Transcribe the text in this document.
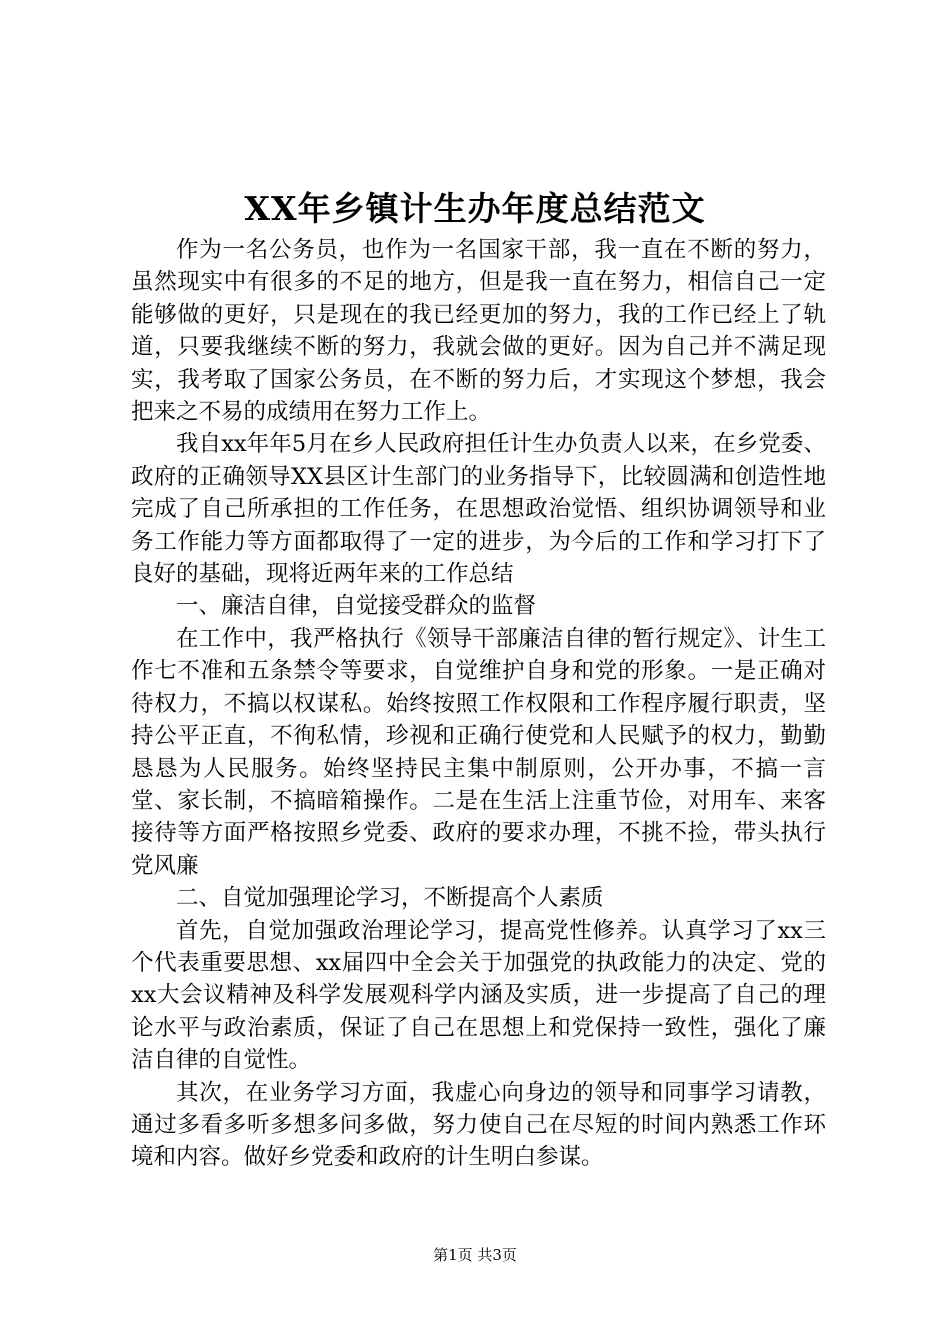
XX年乡镇计生办年度总结范文

作为一名公务员，也作为一名国家干部，我一直在不断的努力，虽然现实中有很多的不足的地方，但是我一直在努力，相信自己一定能够做的更好，只是现在的我已经更加的努力，我的工作已经上了轨道，只要我继续不断的努力，我就会做的更好。因为自己并不满足现实，我考取了国家公务员，在不断的努力后，才实现这个梦想，我会把来之不易的成绩用在努力工作上。

我自xx年年5月在乡人民政府担任计生办负责人以来，在乡党委、政府的正确领导XX县区计生部门的业务指导下，比较圆满和创造性地完成了自己所承担的工作任务，在思想政治觉悟、组织协调领导和业务工作能力等方面都取得了一定的进步，为今后的工作和学习打下了良好的基础，现将近两年来的工作总结

一、廉洁自律，自觉接受群众的监督

在工作中，我严格执行《领导干部廉洁自律的暂行规定》、计生工作七不准和五条禁令等要求，自觉维护自身和党的形象。一是正确对待权力，不搞以权谋私。始终按照工作权限和工作程序履行职责，坚持公平正直，不徇私情，珍视和正确行使党和人民赋予的权力，勤勤恳恳为人民服务。始终坚持民主集中制原则，公开办事，不搞一言堂、家长制，不搞暗箱操作。二是在生活上注重节俭，对用车、来客接待等方面严格按照乡党委、政府的要求办理，不挑不捡，带头执行党风廉

二、自觉加强理论学习，不断提高个人素质

首先，自觉加强政治理论学习，提高党性修养。认真学习了xx三个代表重要思想、xx届四中全会关于加强党的执政能力的决定、党的xx大会议精神及科学发展观科学内涵及实质，进一步提高了自己的理论水平与政治素质，保证了自己在思想上和党保持一致性，强化了廉洁自律的自觉性。

其次，在业务学习方面，我虚心向身边的领导和同事学习请教，通过多看多听多想多问多做，努力使自己在尽短的时间内熟悉工作环境和内容。做好乡党委和政府的计生明白参谋。

第1页 共3页
